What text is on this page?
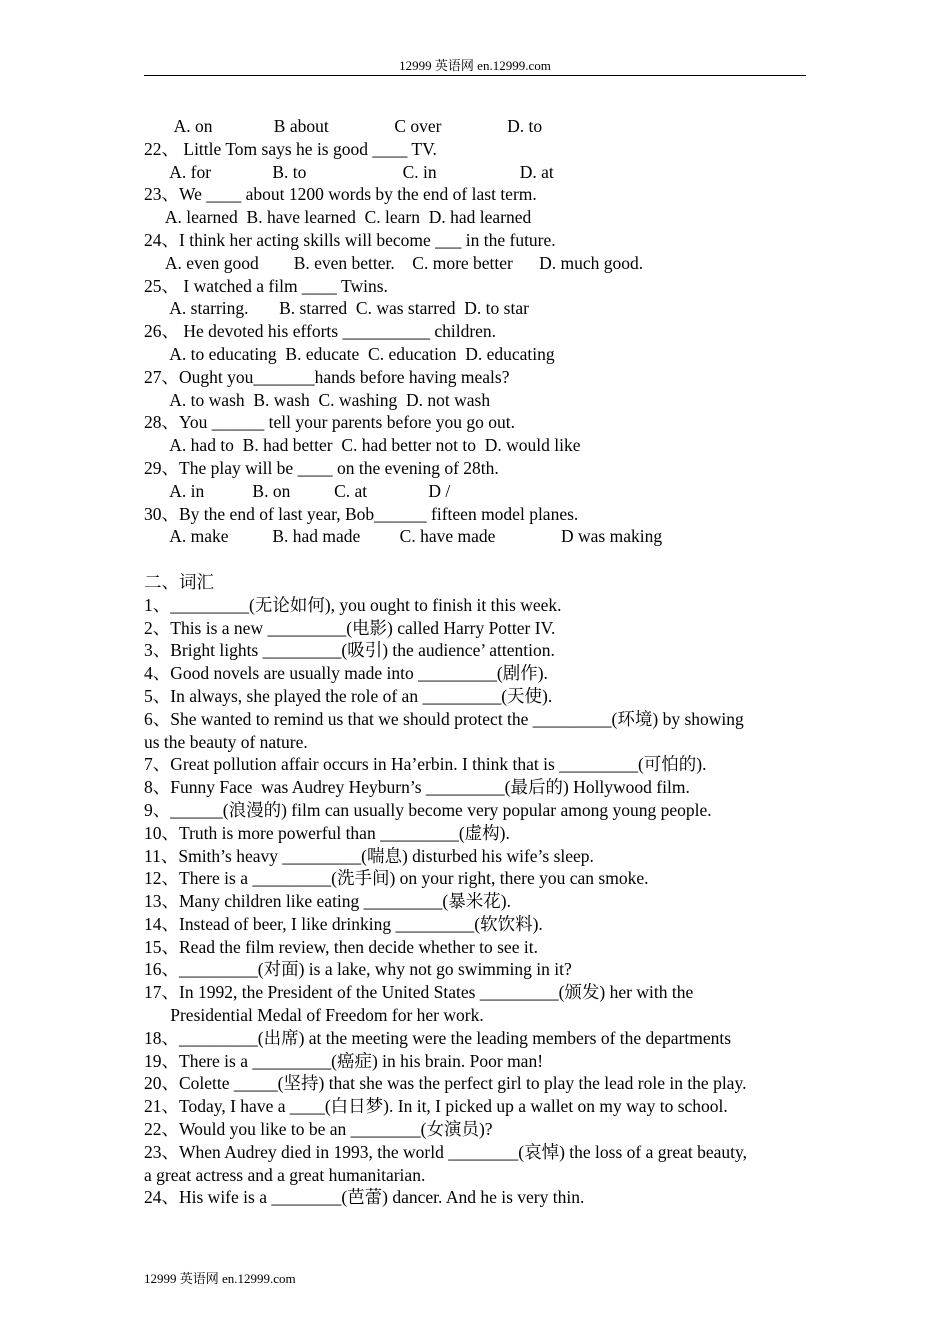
12999 英语网 en.12999.com
A. on              B about               C over               D. to
22、 Little Tom says he is good ____ TV.
A. for              B. to                      C. in                   D. at
23、We ____ about 1200 words by the end of last term.
A. learned  B. have learned  C. learn  D. had learned
24、I think her acting skills will become ___ in the future.
A. even good        B. even better.    C. more better      D. much good.
25、 I watched a film ____ Twins.
A. starring.       B. starred  C. was starred  D. to star
26、 He devoted his efforts __________ children.
A. to educating  B. educate  C. education  D. educating
27、Ought you_______hands before having meals?
A. to wash  B. wash  C. washing  D. not wash
28、You ______ tell your parents before you go out.
A. had to  B. had better  C. had better not to  D. would like
29、The play will be ____ on the evening of 28th.
A. in           B. on          C. at              D /
30、By the end of last year, Bob______ fifteen model planes.
A. make          B. had made         C. have made               D was making
二、词汇
1、_________(无论如何), you ought to finish it this week.
2、This is a new _________(电影) called Harry Potter IV.
3、Bright lights _________(吸引) the audience’ attention.
4、Good novels are usually made into _________(剧作).
5、In always, she played the role of an _________(天使).
6、She wanted to remind us that we should protect the _________(环境) by showing
us the beauty of nature.
7、Great pollution affair occurs in Ha’erbin. I think that is _________(可怕的).
8、Funny Face  was Audrey Heyburn’s _________(最后的) Hollywood film.
9、______(浪漫的) film can usually become very popular among young people.
10、Truth is more powerful than _________(虚构).
11、Smith’s heavy _________(喘息) disturbed his wife’s sleep.
12、There is a _________(洗手间) on your right, there you can smoke.
13、Many children like eating _________(暴米花).
14、Instead of beer, I like drinking _________(软饮料).
15、Read the film review, then decide whether to see it.
16、_________(对面) is a lake, why not go swimming in it?
17、In 1992, the President of the United States _________(颁发) her with the
Presidential Medal of Freedom for her work.
18、_________(出席) at the meeting were the leading members of the departments
19、There is a _________(癌症) in his brain. Poor man!
20、Colette _____(坚持) that she was the perfect girl to play the lead role in the play.
21、Today, I have a ____(白日梦). In it, I picked up a wallet on my way to school.
22、Would you like to be an ________(女演员)?
23、When Audrey died in 1993, the world ________(哀悼) the loss of a great beauty,
a great actress and a great humanitarian.
24、His wife is a ________(芭蕾) dancer. And he is very thin.
12999 英语网 en.12999.com
